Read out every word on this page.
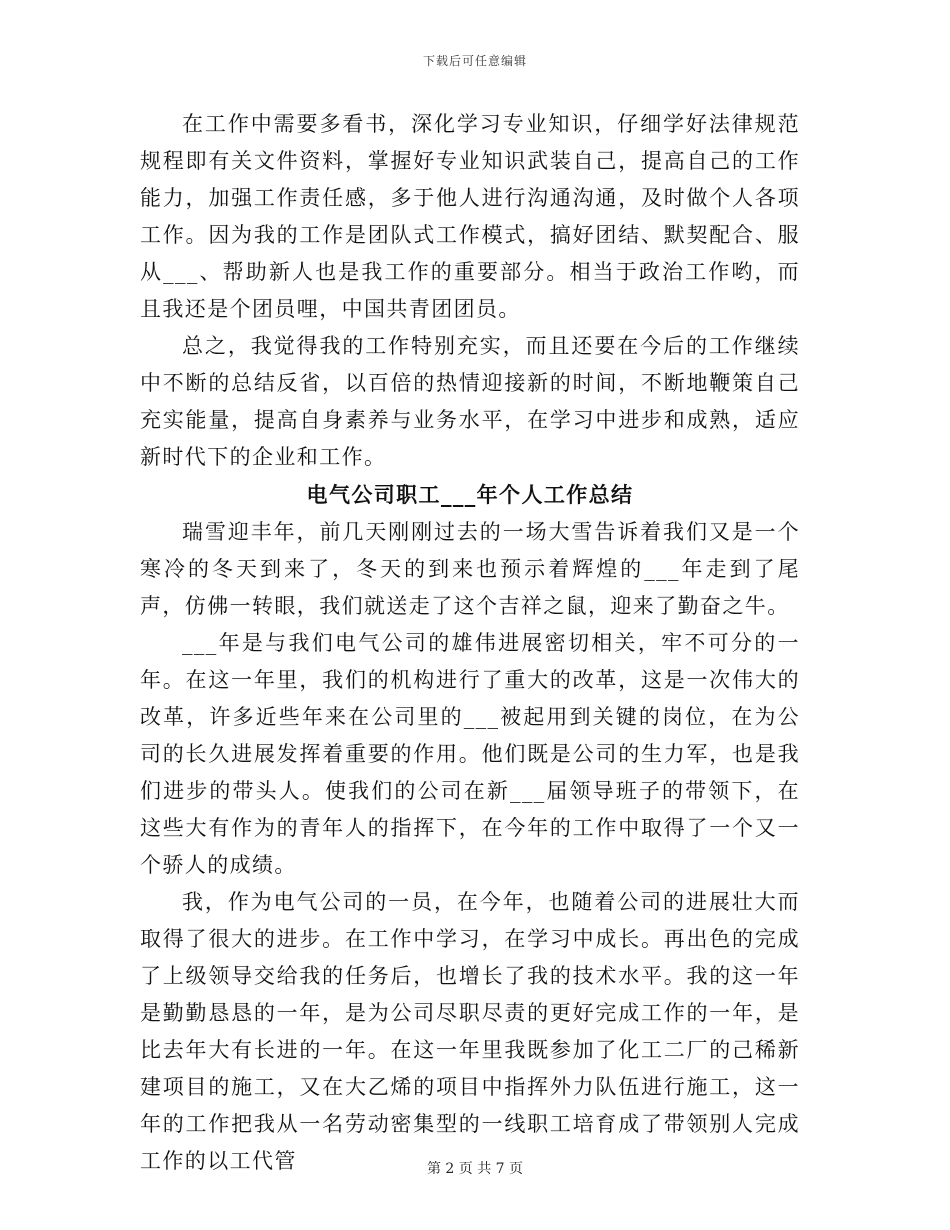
下载后可任意编辑

在工作中需要多看书，深化学习专业知识，仔细学好法律规范规程即有关文件资料，掌握好专业知识武装自己，提高自己的工作能力，加强工作责任感，多于他人进行沟通沟通，及时做个人各项工作。因为我的工作是团队式工作模式，搞好团结、默契配合、服从___、帮助新人也是我工作的重要部分。相当于政治工作哟，而且我还是个团员哩，中国共青团团员。

总之，我觉得我的工作特别充实，而且还要在今后的工作继续中不断的总结反省，以百倍的热情迎接新的时间，不断地鞭策自己充实能量，提高自身素养与业务水平，在学习中进步和成熟，适应新时代下的企业和工作。

电气公司职工___年个人工作总结

瑞雪迎丰年，前几天刚刚过去的一场大雪告诉着我们又是一个寒冷的冬天到来了，冬天的到来也预示着辉煌的___年走到了尾声，仿佛一转眼，我们就送走了这个吉祥之鼠，迎来了勤奋之牛。

___年是与我们电气公司的雄伟进展密切相关，牢不可分的一年。在这一年里，我们的机构进行了重大的改革，这是一次伟大的改革，许多近些年来在公司里的___被起用到关键的岗位，在为公司的长久进展发挥着重要的作用。他们既是公司的生力军，也是我们进步的带头人。使我们的公司在新___届领导班子的带领下，在这些大有作为的青年人的指挥下，在今年的工作中取得了一个又一个骄人的成绩。

我，作为电气公司的一员，在今年，也随着公司的进展壮大而取得了很大的进步。在工作中学习，在学习中成长。再出色的完成了上级领导交给我的任务后，也增长了我的技术水平。我的这一年是勤勤恳恳的一年，是为公司尽职尽责的更好完成工作的一年，是比去年大有长进的一年。在这一年里我既参加了化工二厂的己稀新建项目的施工，又在大乙烯的项目中指挥外力队伍进行施工，这一年的工作把我从一名劳动密集型的一线职工培育成了带领别人完成工作的以工代管	第 2 页 共 7 页
